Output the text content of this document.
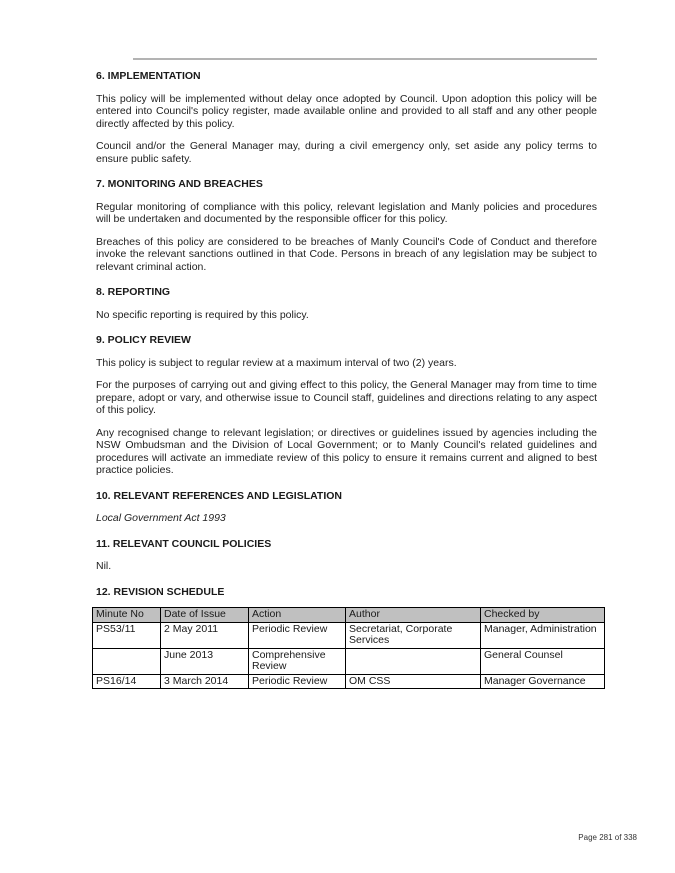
6. IMPLEMENTATION

This policy will be implemented without delay once adopted by Council. Upon adoption this policy will be entered into Council's policy register, made available online and provided to all staff and any other people directly affected by this policy.

Council and/or the General Manager may, during a civil emergency only, set aside any policy terms to ensure public safety.

7. MONITORING AND BREACHES

Regular monitoring of compliance with this policy, relevant legislation and Manly policies and procedures will be undertaken and documented by the responsible officer for this policy.

Breaches of this policy are considered to be breaches of Manly Council's Code of Conduct and therefore invoke the relevant sanctions outlined in that Code. Persons in breach of any legislation may be subject to relevant criminal action.

8. REPORTING

No specific reporting is required by this policy.

9. POLICY REVIEW

This policy is subject to regular review at a maximum interval of two (2) years.

For the purposes of carrying out and giving effect to this policy, the General Manager may from time to time prepare, adopt or vary, and otherwise issue to Council staff, guidelines and directions relating to any aspect of this policy.

Any recognised change to relevant legislation; or directives or guidelines issued by agencies including the NSW Ombudsman and the Division of Local Government; or to Manly Council's related guidelines and procedures will activate an immediate review of this policy to ensure it remains current and aligned to best practice policies.

10. RELEVANT REFERENCES AND LEGISLATION

Local Government Act 1993

11. RELEVANT COUNCIL POLICIES

Nil.

12. REVISION SCHEDULE
Minute No	Date of Issue	Action	Author	Checked by
PS53/11	2 May 2011	Periodic Review	Secretariat, Corporate Services	Manager, Administration
	June 2013	Comprehensive Review		General Counsel
PS16/14	3 March 2014	Periodic Review	OM CSS	Manager Governance
Page 281 of 338
